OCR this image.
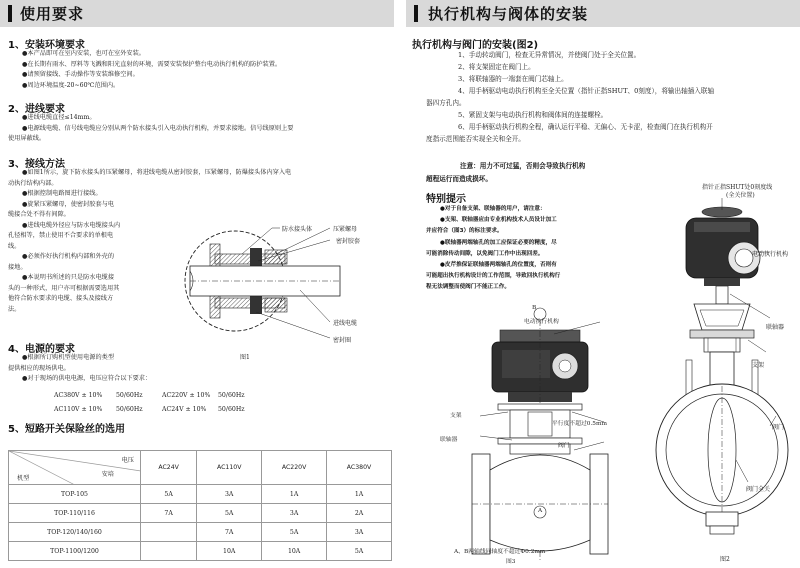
使用要求
1、安装环境要求
●本产品即可在室内安装，也可在室外安装。
●在长期有雨水、厚料等飞溅和阳光直射的环境，需要安装保护整台电动执行机构的防护装置。
●请预留接线、手动操作等安装维修空间。
●周边环境温度-20~60℃范围内。
2、进线要求
●进线电缆直径≤14mm。
●电源线电缆、信号线电缆应分别从两个防水接头引入电动执行机构，并要求接地。信号线原则上要
使用屏蔽线。
3、接线方法
●如图1所示，旋下防水接头的压紧螺母，将进线电缆从密封胶套，压紧螺母，防爆接头体内穿入电
动执行结构内部。
●根据控制电路图进行接线。
●旋紧压紧螺母，使密封胶套与电
缆接合处不得有间隙。
●进线电缆外径应与防水电缆接头内
孔径相等，禁止使用不合要求的单根电
线。
●必须作好执行机构内部和外壳的
接地。
●本说明书所述的只是防水电缆接
头的一种形式，用户亦可根据需要选用其
他符合防水要求的电缆、接头及接线方
法。
防水接头体	压紧螺母
密封胶套
进线电缆
密封圈
图1
4、电源的要求
●根据所订购机型使用电源的类型
提供相应的现场供电。
●对于现场的供电电源，电压应符合以下要求：
AC380V ± 10% 50/60Hz	AC220V ± 10% 50/60Hz
AC110V ± 10% 50/60Hz	AC24V ± 10% 50/60Hz
5、短路开关保险丝的选用
电压
安培
机型	AC24V	AC110V	AC220V	AC380V
TOP-105	5A	3A	1A	1A
TOP-110/116	7A	5A	3A	2A
TOP-120/140/160		7A	5A	3A
TOP-1100/1200		10A	10A	5A
执行机构与阀体的安装
执行机构与阀门的安装(图2)
1、手动转动阀门，检查无异常情况，并使阀门处于全关位置。
2、将支架固定在阀门上。
3、将联轴器的一端套在阀门芯轴上。
4、用手柄驱动电动执行机构至全关位置（指针正指SHUT、0刻度），将输出轴插入联轴
器四方孔内。
5、紧固支架与电动执行机构和阀体间的连接螺栓。
6、用手柄驱动执行机构全程，确认运行平稳、无偏心、无卡涩，检查阀门在执行机构开
度指示范围能否实现全关和全开。
注意：用力不可过猛，否则会导致执行机构
超程运行而造成损坏。
特别提示
●对于自备支架、联轴器的用户，请注意：
●支架、联轴器应由专业机构技术人员设计加工
并应符合（图3）的标注要求。
●联轴器两端轴孔的加工应保证必要的精度，尽
可能消除传动间隙，以免阀门工作中出现回差。
●皮芹推保证联轴器两端轴孔的位置度，否则有
可能超出执行机构设计的工作范围，导致回执行机构行
程无法调整而使阀门不能正工作。
指针正指SHUT处0刻度线
(全关位置)
电动执行机构
联轴器
支架
阀门
阀门全关
图2
电动执行机构
B
支架
联轴器
平行度不超过0.5mm
阀门
A
A、B两轴线同轴度不超过Φ0.2mm
图3
